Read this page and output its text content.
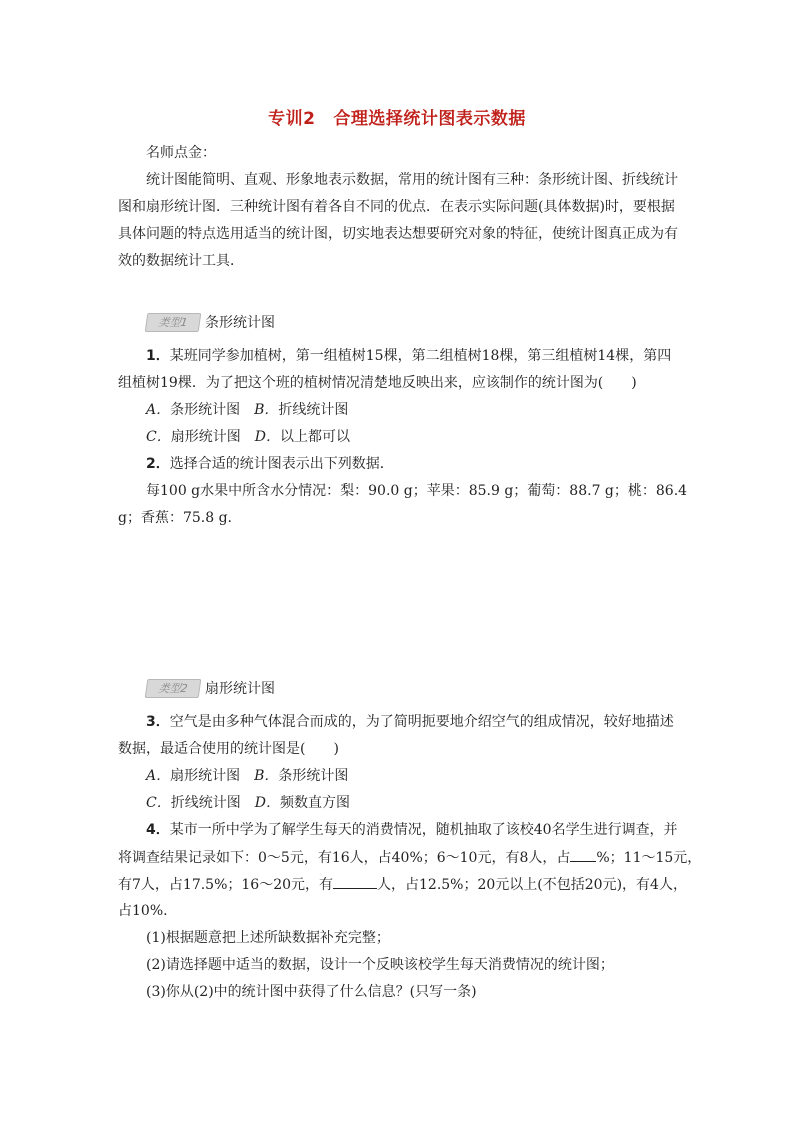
专训2 合理选择统计图表示数据
名师点金：
统计图能简明、直观、形象地表示数据，常用的统计图有三种：条形统计图、折线统计
图和扇形统计图．三种统计图有着各自不同的优点．在表示实际问题(具体数据)时，要根据
具体问题的特点选用适当的统计图，切实地表达想要研究对象的特征，使统计图真正成为有
效的数据统计工具．
类型1	条形统计图
1．某班同学参加植树，第一组植树15棵，第二组植树18棵，第三组植树14棵，第四
组植树19棵．为了把这个班的植树情况清楚地反映出来，应该制作的统计图为(　　)
A．条形统计图　 B．折线统计图
C．扇形统计图　 D．以上都可以
2．选择合适的统计图表示出下列数据．
每100 g水果中所含水分情况：梨：90.0 g；苹果：85.9 g；葡萄：88.7 g；桃：86.4
g；香蕉：75.8 g.
类型2	扇形统计图
3．空气是由多种气体混合而成的，为了简明扼要地介绍空气的组成情况，较好地描述
数据，最适合使用的统计图是(　　)
A．扇形统计图　 B．条形统计图
C．折线统计图　 D．频数直方图
4．某市一所中学为了解学生每天的消费情况，随机抽取了该校40名学生进行调查，并
将调查结果记录如下：0～5元，有16人，占40%；6～10元，有8人，占 %；11～15元，
有7人，占17.5%；16～20元，有	人，占12.5%；20元以上(不包括20元)，有4人，
占10%.
(1)根据题意把上述所缺数据补充完整；
(2)请选择题中适当的数据，设计一个反映该校学生每天消费情况的统计图；
(3)你从(2)中的统计图中获得了什么信息？(只写一条)
